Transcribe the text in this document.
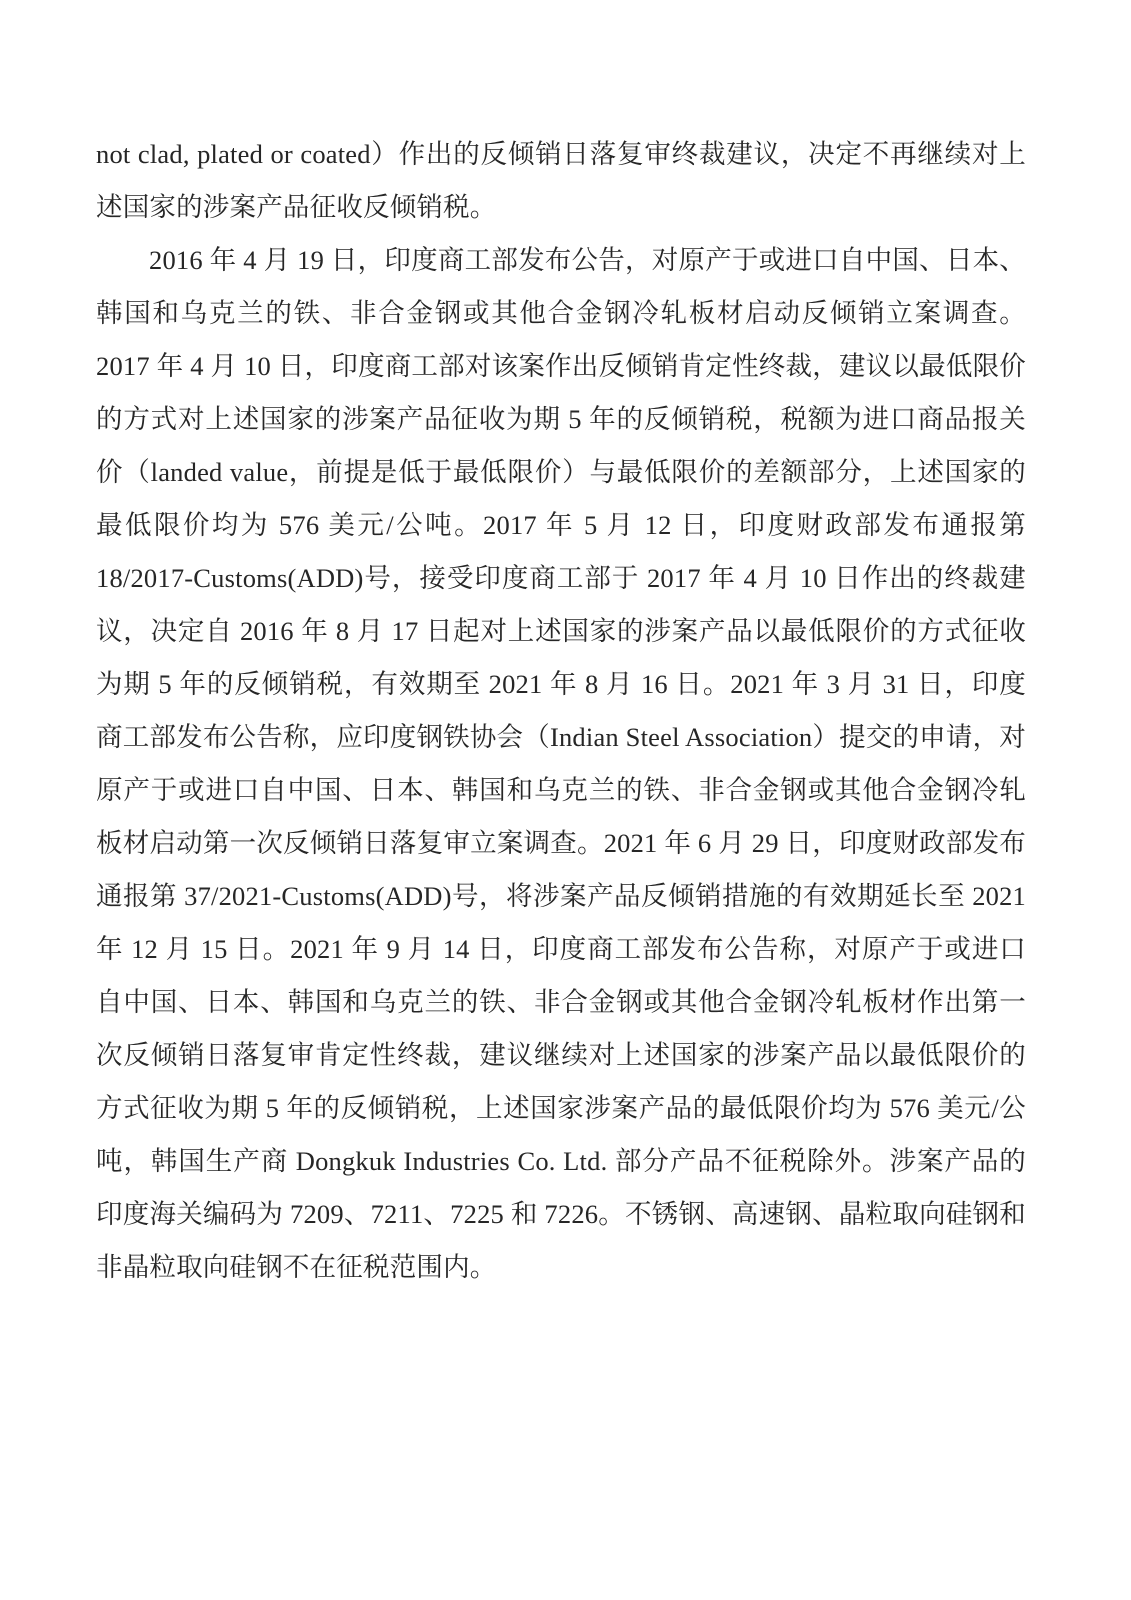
not clad, plated or coated）作出的反倾销日落复审终裁建议，决定不再继续对上述国家的涉案产品征收反倾销税。

2016 年 4 月 19 日，印度商工部发布公告，对原产于或进口自中国、日本、韩国和乌克兰的铁、非合金钢或其他合金钢冷轧板材启动反倾销立案调查。2017 年 4 月 10 日，印度商工部对该案作出反倾销肯定性终裁，建议以最低限价的方式对上述国家的涉案产品征收为期 5 年的反倾销税，税额为进口商品报关价（landed value，前提是低于最低限价）与最低限价的差额部分，上述国家的最低限价均为 576 美元/公吨。2017 年 5 月 12 日，印度财政部发布通报第 18/2017-Customs(ADD)号，接受印度商工部于 2017 年 4 月 10 日作出的终裁建议，决定自 2016 年 8 月 17 日起对上述国家的涉案产品以最低限价的方式征收为期 5 年的反倾销税，有效期至 2021 年 8 月 16 日。2021 年 3 月 31 日，印度商工部发布公告称，应印度钢铁协会（Indian Steel Association）提交的申请，对原产于或进口自中国、日本、韩国和乌克兰的铁、非合金钢或其他合金钢冷轧板材启动第一次反倾销日落复审立案调查。2021 年 6 月 29 日，印度财政部发布通报第 37/2021-Customs(ADD)号，将涉案产品反倾销措施的有效期延长至 2021 年 12 月 15 日。2021 年 9 月 14 日，印度商工部发布公告称，对原产于或进口自中国、日本、韩国和乌克兰的铁、非合金钢或其他合金钢冷轧板材作出第一次反倾销日落复审肯定性终裁，建议继续对上述国家的涉案产品以最低限价的方式征收为期 5 年的反倾销税，上述国家涉案产品的最低限价均为 576 美元/公吨，韩国生产商 Dongkuk Industries Co. Ltd. 部分产品不征税除外。涉案产品的印度海关编码为 7209、7211、7225 和 7226。不锈钢、高速钢、晶粒取向硅钢和非晶粒取向硅钢不在征税范围内。
